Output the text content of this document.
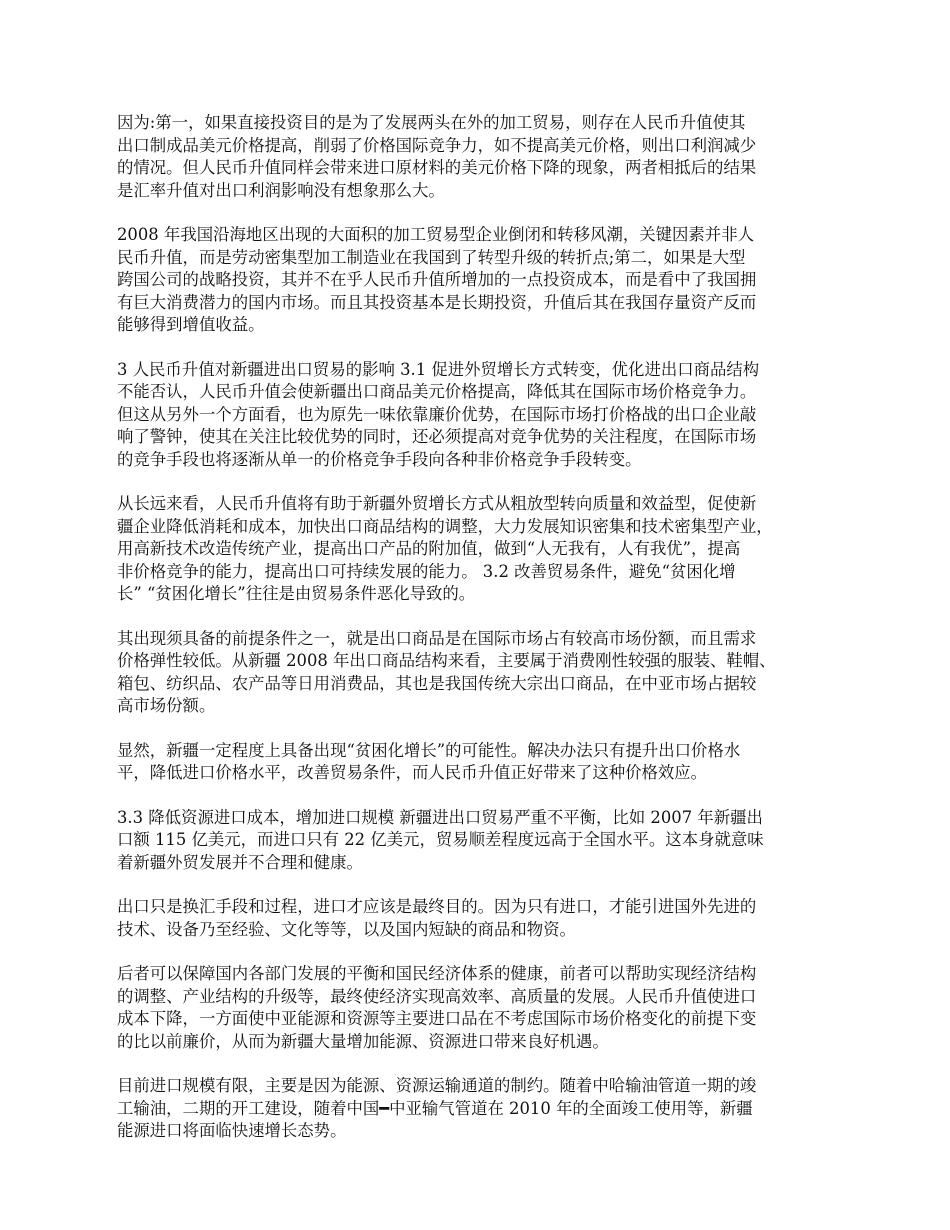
因为:第一，如果直接投资目的是为了发展两头在外的加工贸易，则存在人民币升值使其
出口制成品美元价格提高，削弱了价格国际竞争力，如不提高美元价格，则出口利润减少
的情况。但人民币升值同样会带来进口原材料的美元价格下降的现象，两者相抵后的结果
是汇率升值对出口利润影响没有想象那么大。

2008 年我国沿海地区出现的大面积的加工贸易型企业倒闭和转移风潮，关键因素并非人
民币升值，而是劳动密集型加工制造业在我国到了转型升级的转折点;第二，如果是大型
跨国公司的战略投资，其并不在乎人民币升值所增加的一点投资成本，而是看中了我国拥
有巨大消费潜力的国内市场。而且其投资基本是长期投资，升值后其在我国存量资产反而
能够得到增值收益。

3 人民币升值对新疆进出口贸易的影响 3.1 促进外贸增长方式转变，优化进出口商品结构
不能否认，人民币升值会使新疆出口商品美元价格提高，降低其在国际市场价格竞争力。
但这从另外一个方面看，也为原先一味依靠廉价优势，在国际市场打价格战的出口企业敲
响了警钟，使其在关注比较优势的同时，还必须提高对竞争优势的关注程度，在国际市场
的竞争手段也将逐渐从单一的价格竞争手段向各种非价格竞争手段转变。

从长远来看，人民币升值将有助于新疆外贸增长方式从粗放型转向质量和效益型，促使新
疆企业降低消耗和成本，加快出口商品结构的调整，大力发展知识密集和技术密集型产业，
用高新技术改造传统产业，提高出口产品的附加值，做到“人无我有，人有我优”，提高
非价格竞争的能力，提高出口可持续发展的能力。 3.2 改善贸易条件，避免“贫困化增
长” “贫困化增长”往往是由贸易条件恶化导致的。

其出现须具备的前提条件之一，就是出口商品是在国际市场占有较高市场份额，而且需求
价格弹性较低。从新疆 2008 年出口商品结构来看，主要属于消费刚性较强的服装、鞋帽、
箱包、纺织品、农产品等日用消费品，其也是我国传统大宗出口商品，在中亚市场占据较
高市场份额。

显然，新疆一定程度上具备出现“贫困化增长”的可能性。解决办法只有提升出口价格水
平，降低进口价格水平，改善贸易条件，而人民币升值正好带来了这种价格效应。

3.3 降低资源进口成本，增加进口规模 新疆进出口贸易严重不平衡，比如 2007 年新疆出
口额 115 亿美元，而进口只有 22 亿美元，贸易顺差程度远高于全国水平。这本身就意味
着新疆外贸发展并不合理和健康。

出口只是换汇手段和过程，进口才应该是最终目的。因为只有进口，才能引进国外先进的
技术、设备乃至经验、文化等等，以及国内短缺的商品和物资。

后者可以保障国内各部门发展的平衡和国民经济体系的健康，前者可以帮助实现经济结构
的调整、产业结构的升级等，最终使经济实现高效率、高质量的发展。人民币升值使进口
成本下降，一方面使中亚能源和资源等主要进口品在不考虑国际市场价格变化的前提下变
的比以前廉价，从而为新疆大量增加能源、资源进口带来良好机遇。

目前进口规模有限，主要是因为能源、资源运输通道的制约。随着中哈输油管道一期的竣
工输油，二期的开工建设，随着中国━中亚输气管道在 2010 年的全面竣工使用等，新疆
能源进口将面临快速增长态势。
